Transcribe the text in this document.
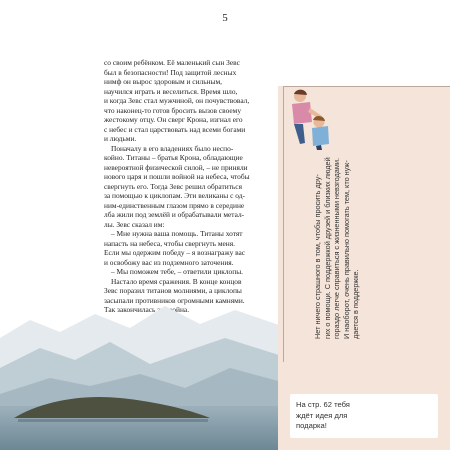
5
со своим ребёнком. Её маленький сын Зевс
был в безопасности! Под защитой лесных
нимф он вырос здоровым и сильным,
научился играть и веселиться. Время шло,
и когда Зевс стал мужчиной, он почувствовал,
что наконец-то готов бросить вызов своему
жестокому отцу. Он сверг Крона, изгнал его
с небес и стал царствовать над всеми богами
и людьми.
Поначалу в его владениях было неспо-
койно. Титаны – братья Крона, обладающие
невероятной физической силой, – не приняли
нового царя и пошли войной на небеса, чтобы
свергнуть его. Тогда Зевс решил обратиться
за помощью к циклопам. Эти великаны с од-
ним-единственным глазом прямо в середине
лба жили под землёй и обрабатывали метал-
лы. Зевс сказал им:
– Мне нужна ваша помощь. Титаны хотят
напасть на небеса, чтобы свергнуть меня.
Если мы одержим победу – я вознагражу вас
и освобожу вас из подземного заточения.
– Мы поможем тебе, – ответили циклопы.
Настало время сражения. В конце концов
Зевс поразил титанов молниями, а циклопы
засыпали противников огромными камнями.
Так закончилась эта война.	Нет ничего страшного в том, чтобы просить дру- гих о помощи. С поддержкой друзей и близких людей гораздо легче справиться с жизненными невзгодами. И наоборот, очень правильно помогать тем, кто нуж- дается в поддержке.
На стр. 62 тебя
ждёт идея для
подарка!
